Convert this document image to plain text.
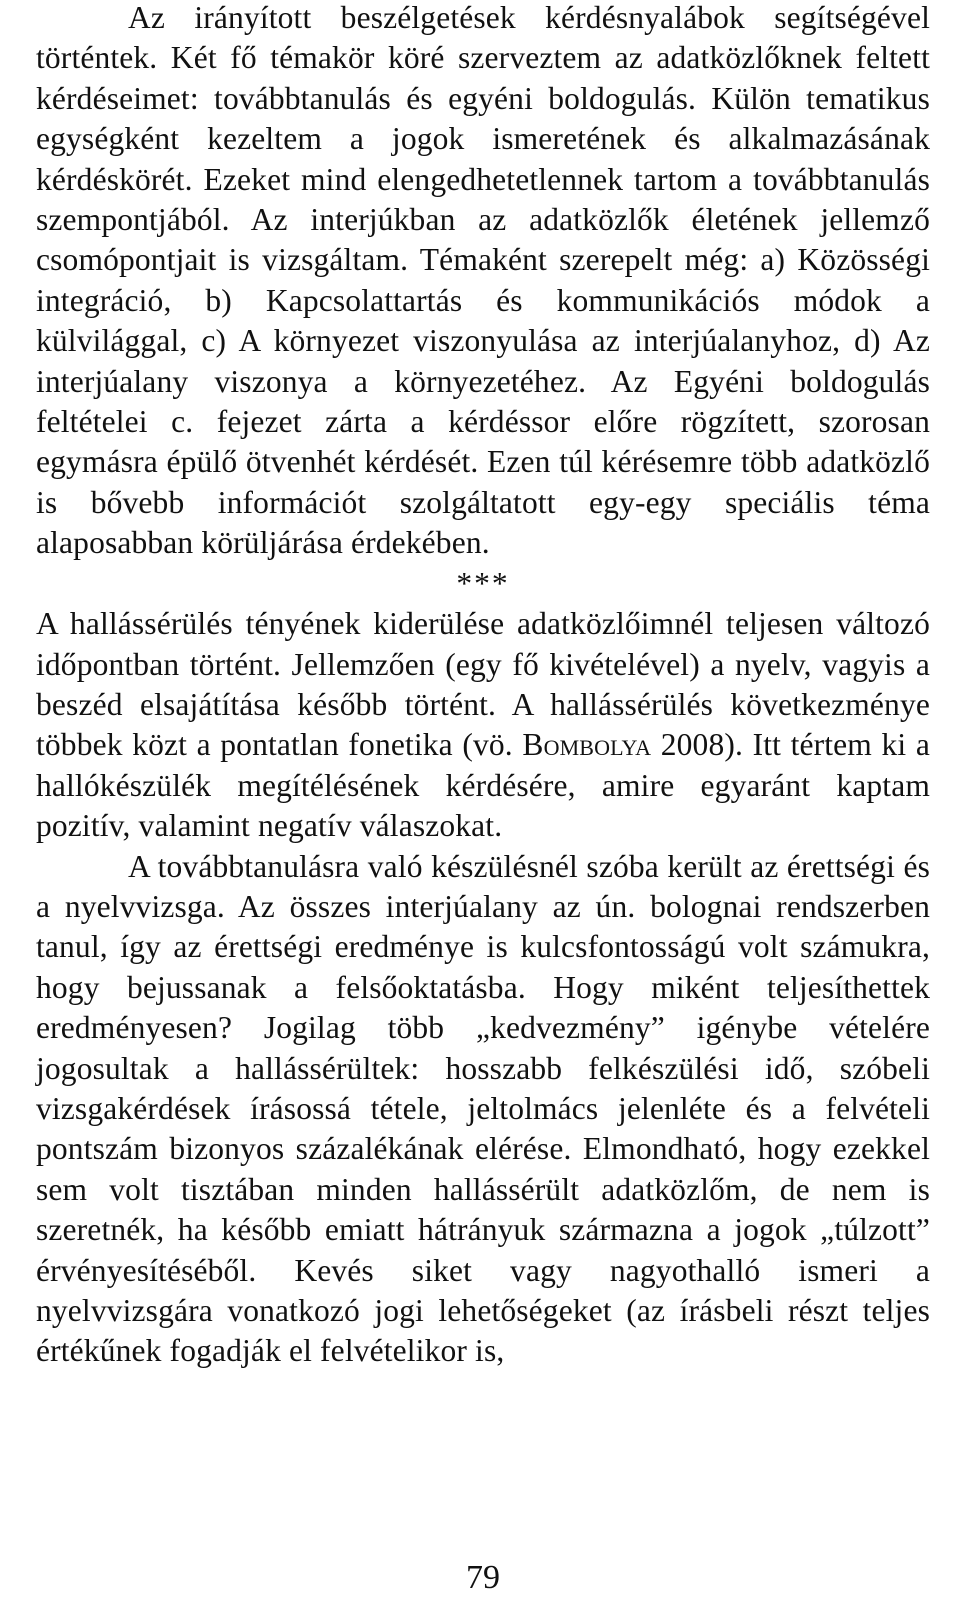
Az irányított beszélgetések kérdésnyalábok segítségével történtek. Két fő témakör köré szerveztem az adatközlőknek feltett kérdéseimet: továbbtanulás és egyéni boldogulás. Külön tematikus egységként kezeltem a jogok ismeretének és alkalmazásának kérdéskörét. Ezeket mind elengedhetetlennek tartom a továbbtanulás szempontjából. Az interjúkban az adatközlők életének jellemző csomópontjait is vizsgáltam. Témaként szerepelt még: a) Közösségi integráció, b) Kapcsolattartás és kommunikációs módok a külvilággal, c) A környezet viszonyulása az interjúalanyhoz, d) Az interjúalany viszonya a környezetéhez. Az Egyéni boldogulás feltételei c. fejezet zárta a kérdéssor előre rögzített, szorosan egymásra épülő ötvenhét kérdését. Ezen túl kérésemre több adatközlő is bővebb információt szolgáltatott egy-egy speciális téma alaposabban körüljárása érdekében.

***

A hallássérülés tényének kiderülése adatközlőimnél teljesen változó időpontban történt. Jellemzően (egy fő kivételével) a nyelv, vagyis a beszéd elsajátítása később történt. A hallássérülés következménye többek közt a pontatlan fonetika (vö. Bombolya 2008). Itt tértem ki a hallókészülék megítélésének kérdésére, amire egyaránt kaptam pozitív, valamint negatív válaszokat.

A továbbtanulásra való készülésnél szóba került az érettségi és a nyelvvizsga. Az összes interjúalany az ún. bolognai rendszerben tanul, így az érettségi eredménye is kulcsfontosságú volt számukra, hogy bejussanak a felsőoktatásba. Hogy miként teljesíthettek eredményesen? Jogilag több „kedvezmény” igénybe vételére jogosultak a hallássérültek: hosszabb felkészülési idő, szóbeli vizsgakérdések írásossá tétele, jeltolmács jelenléte és a felvételi pontszám bizonyos százalékának elérése. Elmondható, hogy ezekkel sem volt tisztában minden hallássérült adatközlőm, de nem is szeretnék, ha később emiatt hátrányuk származna a jogok „túlzott” érvényesítéséből. Kevés siket vagy nagyothalló ismeri a nyelvvizsgára vonatkozó jogi lehetőségeket (az írásbeli részt teljes értékűnek fogadják el felvételikor is,

79
